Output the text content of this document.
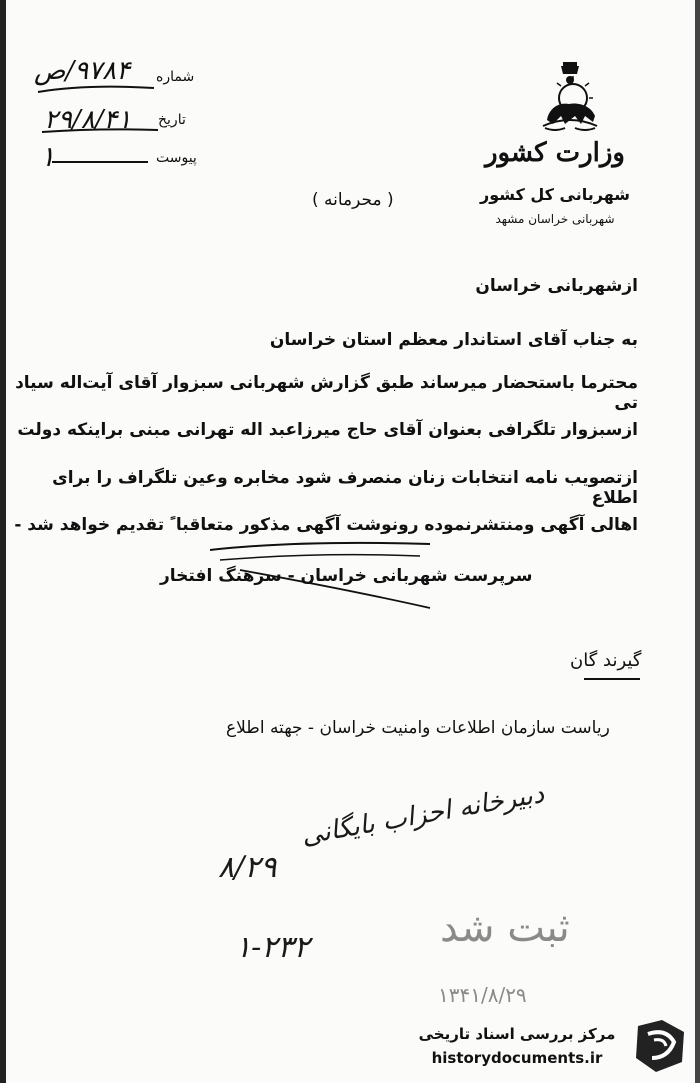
وزارت کشور
شهربانی کل کشور
شهربانی خراسان مشهد
شماره
۹۷۸۴/ص
تاریخ
۲۹/۸/۴۱
پیوست
۱
( محرمانه )
ازشهربانی خراسان
به جناب آقای استاندار معظم استان خراسان
محترما باستحضار میرساند طبق گزارش شهربانی سبزوار آقای آیت‌اله سیاد تی
ازسبزوار تلگرافی بعنوان آقای حاج میرزاعبد اله تهرانی مبنی براینکه دولت
ازتصویب نامه انتخابات زنان منصرف شود مخابره وعین تلگراف را برای اطلاع
اهالی آگهی ومنتشرنموده رونوشت آگهی مذکور متعاقبا ً تقدیم خواهد شد -
سرپرست شهربانی خراسان - سرهنگ افتخار
گیرند گان
ریاست سازمان اطلاعات وامنیت خراسان - جهته اطلاع
دبیرخانه احزاب بایگانی
۸/۲۹
ثبت شد
۱-۲۳۲
۱۳۴۱/۸/۲۹
مرکز بررسی اسناد تاریخی
historydocuments.ir
